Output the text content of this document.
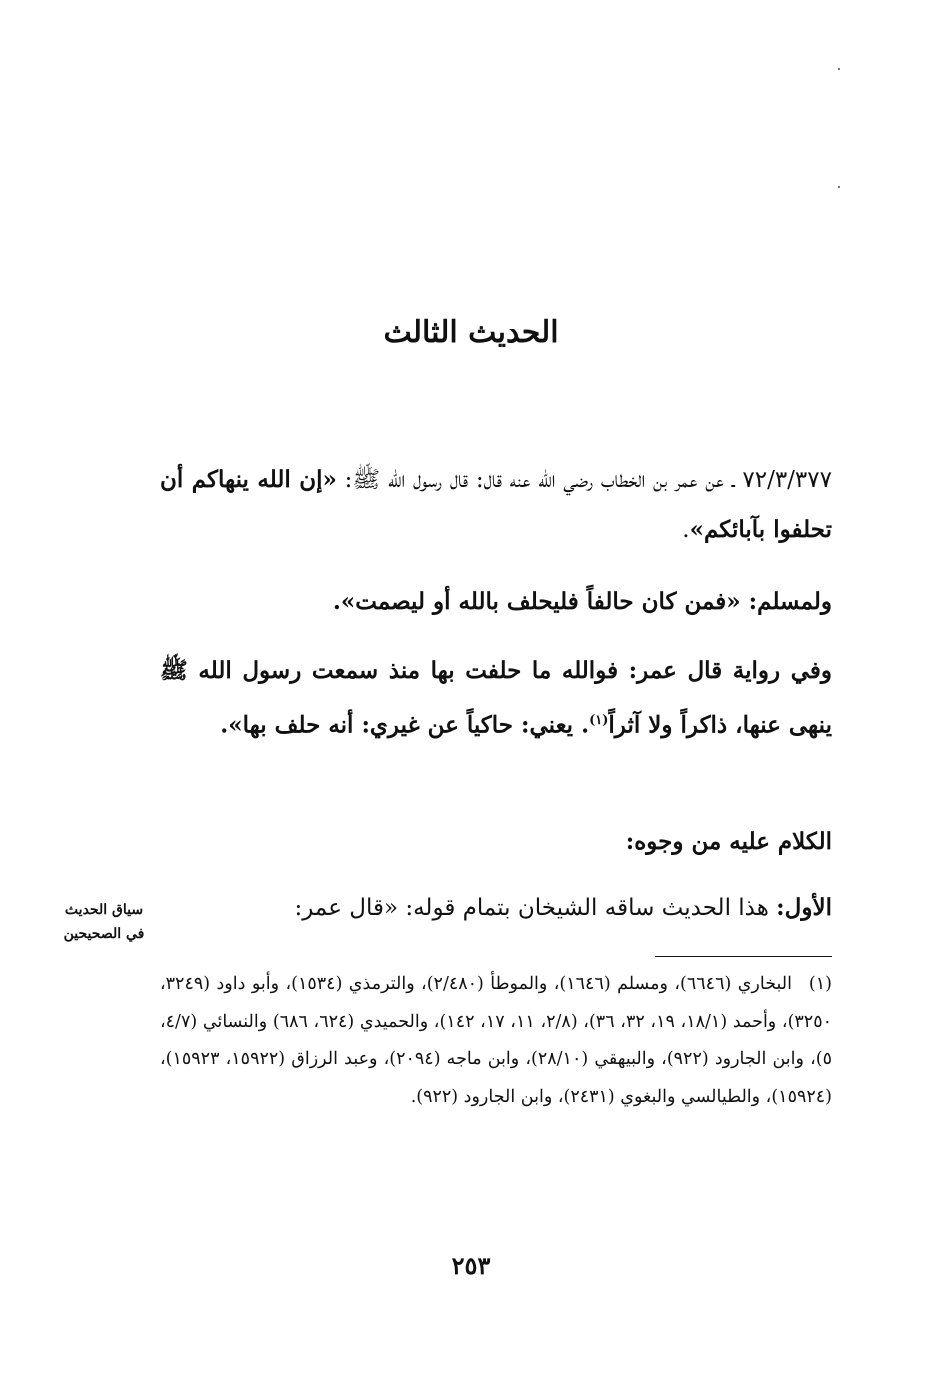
الحديث الثالث
٧٢/٣/٣٧٧ ـ عن عمر بن الخطاب رضي الله عنه قال: قال رسول الله ﷺ: «إن الله ينهاكم أن تحلفوا بآبائكم».
ولمسلم: «فمن كان حالفاً فليحلف بالله أو ليصمت».
وفي رواية قال عمر: فوالله ما حلفت بها منذ سمعت رسول الله ﷺ ينهى عنها، ذاكراً ولا آثراً$^{(١)}$. يعني: حاكياً عن غيري: أنه حلف بها».
الكلام عليه من وجوه:
الأول: هذا الحديث ساقه الشيخان بتمام قوله: «قال عمر:
سياق الحديث
في الصحيحين
(١)البخاري (٦٦٤٦)، ومسلم (١٦٤٦)، والموطأ (٢/٤٨٠)، والترمذي (١٥٣٤)، وأبو داود (٣٢٤٩، ٣٢٥٠)، وأحمد (١٨/١، ١٩، ٣٢، ٣٦)، (٢/٨، ١١، ١٧، ١٤٢)، والحميدي (٦٢٤، ٦٨٦) والنسائي (٤/٧، ٥)، وابن الجارود (٩٢٢)، والبيهقي (٢٨/١٠)، وابن ماجه (٢٠٩٤)، وعبد الرزاق (١٥٩٢٢، ١٥٩٢٣)، (١٥٩٢٤)، والطيالسي والبغوي (٢٤٣١)، وابن الجارود (٩٢٢).
٢٥٣
